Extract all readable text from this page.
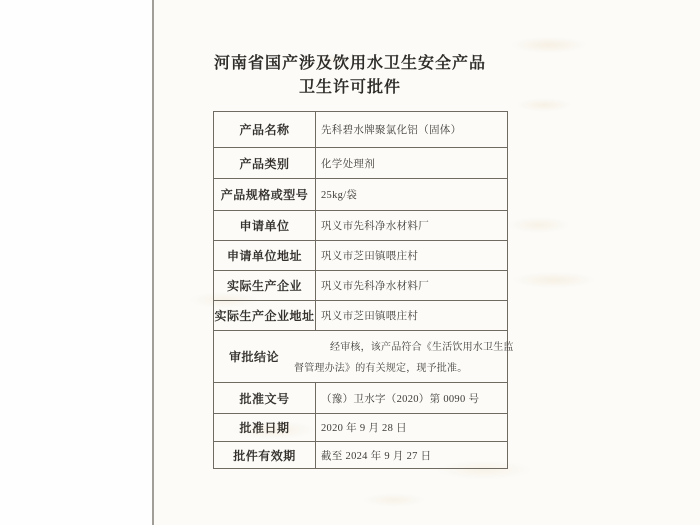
河南省国产涉及饮用水卫生安全产品
卫生许可批件
产品名称	先科碧水牌聚氯化铝（固体）
产品类别	化学处理剂
产品规格或型号	25kg/袋
申请单位	巩义市先科净水材料厂
申请单位地址	巩义市芝田镇喂庄村
实际生产企业	巩义市先科净水材料厂
实际生产企业地址 巩义市芝田镇喂庄村
审批结论
经审核，该产品符合《生活饮用水卫生监
督管理办法》的有关规定，现予批准。
批准文号	（豫）卫水字（2020）第 0090 号
批准日期	2020 年 9 月 28 日
批件有效期	截至 2024 年 9 月 27 日
